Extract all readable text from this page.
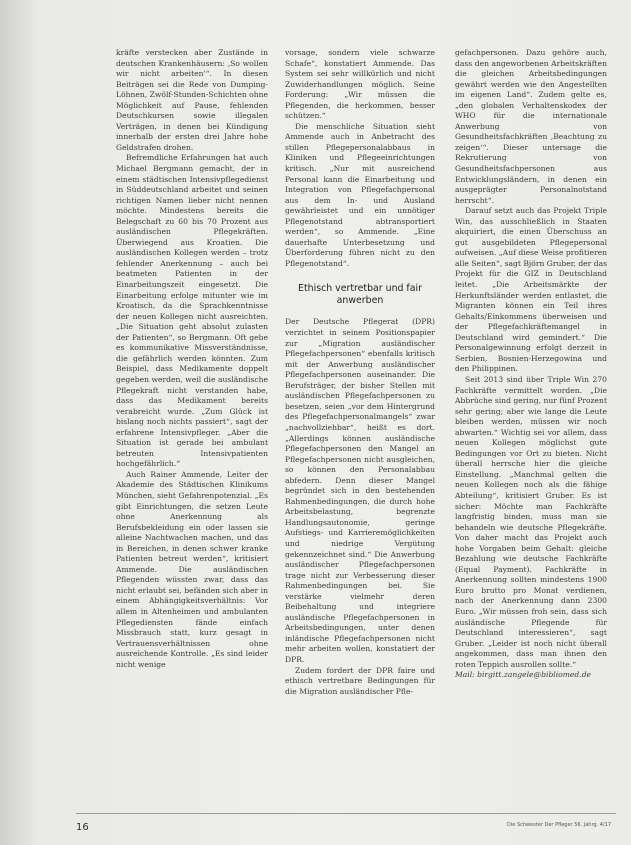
kräfte verstecken aber Zustände in deutschen Krankenhäusern: ‚So wollen wir nicht arbeiten'“. In diesen Beiträgen sei die Rede von Dumping-Löhnen, Zwölf-Stunden-Schichten ohne Möglichkeit auf Pause, fehlenden Deutschkursen sowie illegalen Verträgen, in denen bei Kündigung innerhalb der ersten drei Jahre hohe Geldstrafen drohen.

Befremdliche Erfahrungen hat auch Michael Bergmann gemacht, der in einem städtischen Intensivpflegedienst in Süddeutschland arbeitet und seinen richtigen Namen lieber nicht nennen möchte. Mindestens bereits die Belegschaft zu 60 bis 70 Prozent aus ausländischen Pflegekräften. Überwiegend aus Kroatien. Die ausländischen Kollegen werden – trotz fehlender Anerkennung – auch bei beatmeten Patienten in der Einarbeitungszeit eingesetzt. Die Einarbeitung erfolge mitunter wie im Kroatisch, da die Sprachkenntnisse der neuen Kollegen nicht ausreichten. „Die Situation geht absolut zulasten der Patienten“, so Bergmann. Oft gebe es kommunikative Missverständnisse, die gefährlich werden könnten. Zum Beispiel, dass Medikamente doppelt gegeben werden, weil die ausländische Pflegekraft nicht verstanden habe, dass das Medikament bereits verabreicht wurde. „Zum Glück ist bislang noch nichts passiert“, sagt der erfahrene Intensivpfleger. „Aber die Situation ist gerade bei ambulant betreuten Intensivpatienten hochgefährlich.“

Auch Rainer Ammende, Leiter der Akademie des Städtischen Klinikums München, sieht Gefahrenpotenzial. „Es gibt Einrichtungen, die setzen Leute ohne Anerkennung als Berufsbekleidung ein oder lassen sie alleine Nachtwachen machen, und das in Bereichen, in denen schwer kranke Patienten betreut werden“, kritisiert Ammende. Die ausländischen Pflegenden wüssten zwar, dass das nicht erlaubt sei, befänden sich aber in einem Abhängigkeitsverhältnis: Vor allem in Altenheimen und ambulanten Pflegediensten fände einfach Missbrauch statt, kurz gesagt in Vertrauensverhältnissen ohne ausreichende Kontrolle. „Es sind leider nicht wenige

vorsage, sondern viele schwarze Schafe“, konstatiert Ammende. Das System sei sehr willkürlich und nicht Zuwiderhandlungen möglich. Seine Forderung: „Wir müssen die Pflegenden, die herkommen, besser schützen.“

Die menschliche Situation sieht Ammende auch in Anbetracht des stillen Pflegepersonalabbaus in Kliniken und Pflegeeinrichtungen kritisch. „Nur mit ausreichend Personal kann die Einarbeitung und Integration von Pflegefachpersonal aus dem In- und Ausland gewährleistet und ein unnötiger Pflegenotstand abtransportiert werden“, so Ammende. „Eine dauerhafte Unterbesetzung und Überforderung führen nicht zu den Pflegenotstand“.

Ethisch vertretbar und fair anwerben

Der Deutsche Pflegerat (DPR) verzichtet in seinem Positionspapier zur „Migration ausländischer Pflegefachpersonen“ ebenfalls kritisch mit der Anwerbung ausländischer Pflegefachpersonen auseinander. Die Berufsträger, der bisher Stellen mit ausländischen Pflegefachpersonen zu besetzen, seien „vor dem Hintergrund des Pflegefachpersonalmangels“ zwar „nachvollziehbar“, heißt es dort. „Allerdings können ausländische Pflegefachpersonen den Mangel an Pflegefachpersonen nicht ausgleichen, so können den Personalabbau abfedern. Denn dieser Mangel begründet sich in den bestehenden Rahmenbedingungen, die durch hohe Arbeitsbelastung, begrenzte Handlungsautonomie, geringe Aufstiegs- und Karrieremöglichkeiten und niedrige Vergütung gekennzeichnet sind.“ Die Anwerbung ausländischer Pflegefachpersonen trage nicht zur Verbesserung dieser Rahmenbedingungen bei. Sie verstärke vielmehr deren Beibehaltung und integriere ausländische Pflegefachpersonen in Arbeitsbedingungen, unter denen inländische Pflegefachpersonen nicht mehr arbeiten wollen, konstatiert der DPR.

Zudem fordert der DPR faire und ethisch vertretbare Bedingungen für die Migration ausländischer Pfle-

gefachpersonen. Dazu gehöre auch, dass den angeworbenen Arbeitskräften die gleichen Arbeitsbedingungen gewährt werden wie den Angestellten im eigenen Land“. Zudem gelte es, „den globalen Verhaltenskodex der WHO für die internationale Anwerbung von Gesundheitsfachkräften ‚Beachtung zu zeigen‘“. Dieser untersage die Rekrutierung von Gesundheitsfachpersonen aus Entwicklungsländern, in denen ein ausgeprägter Personalnotstand herrscht“.

Darauf setzt auch das Projekt Triple Win, das ausschließlich in Staaten akquiriert, die einen Überschuss an gut ausgebildeten Pflegepersonal aufweisen. „Auf diese Weise profitieren alle Seiten“, sagt Björn Gruber, der das Projekt für die GIZ in Deutschland leitet. „Die Arbeitsmärkte der Herkunftsländer werden entlastet, die Migranten können ein Teil ihres Gehalts/Einkommens überweisen und der Pflegefachkräftemangel in Deutschland wird gemindert.“ Die Personalgewinnung erfolgt derzeit in Serbien, Bosnien-Herzegowina und den Philippinen.

Seit 2013 sind über Triple Win 270 Fachkräfte vermittelt worden. „Die Abbrüche sind gering, nur fünf Prozent sehr gering; aber wie lange die Leute bleiben werden, müssen wir noch abwarten.“ Wichtig sei vor allem, dass neuen Kollegen möglichst gute Bedingungen vor Ort zu bieten. Nicht überall herrsche hier die gleiche Einstellung. „Manchmal gelten die neuen Kollegen noch als die fähige Abteilung“, kritisiert Gruber. Es ist sicher: Möchte man Fachkräfte langfristig binden, muss man sie behandeln wie deutsche Pflegekräfte. Von daher macht das Projekt auch hohe Vorgaben beim Gehalt: gleiche Bezahlung wie deutsche Fachkräfte (Equal Payment). Fachkräfte in Anerkennung sollten mindestens 1900 Euro brutto pro Monat verdienen, nach der Anerkennung dann 2300 Euro. „Wir müssen froh sein, dass sich ausländische Pflegende für Deutschland interessieren“, sagt Gruber. „Leider ist noch nicht überall angekommen, dass man ihnen den roten Teppich ausrollen sollte.“

Mail: birgitt.zangele@bibliomed.de

16	Die Schwester Der Pfleger 56. Jahrg. 4/17
